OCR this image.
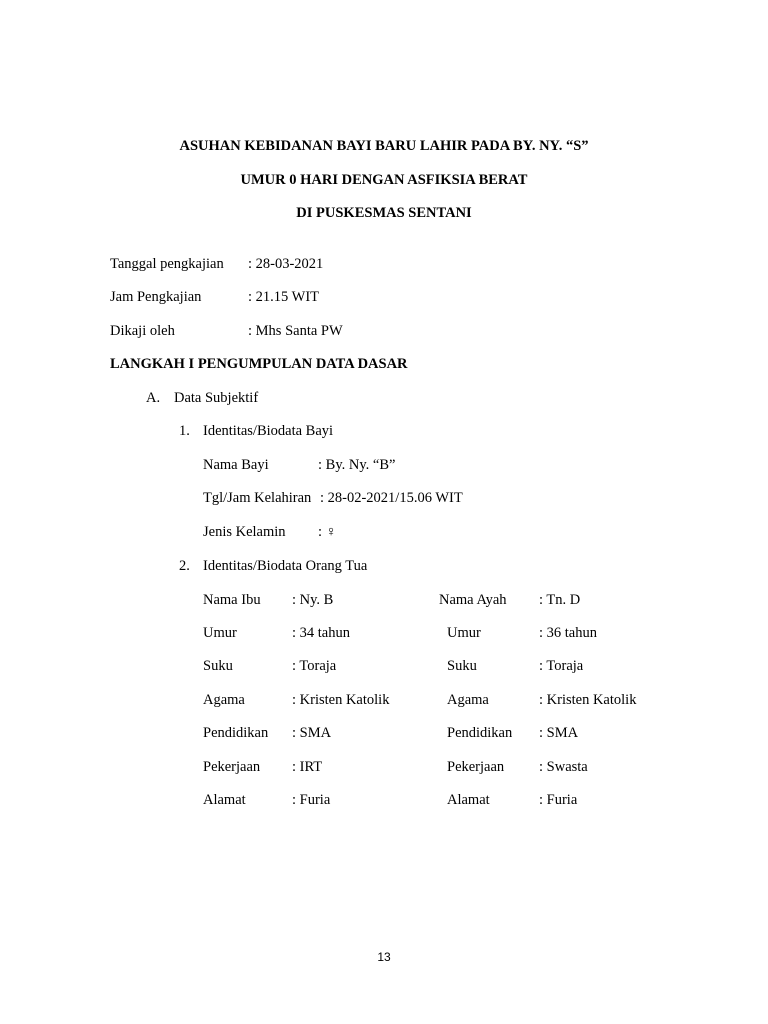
ASUHAN KEBIDANAN BAYI BARU LAHIR PADA BY. NY. “S”
UMUR 0 HARI DENGAN ASFIKSIA BERAT
DI PUSKESMAS SENTANI
Tanggal pengkajian : 28-03-2021
Jam Pengkajian	: 21.15 WIT
Dikaji oleh	: Mhs Santa PW
LANGKAH I PENGUMPULAN DATA DASAR
A. Data Subjektif
1. Identitas/Biodata Bayi
Nama Bayi	: By. Ny. “B”
Tgl/Jam Kelahiran : 28-02-2021/15.06 WIT
Jenis Kelamin : ♀
2. Identitas/Biodata Orang Tua
Nama Ibu : Ny. B	Nama Ayah : Tn. D
Umur	: 34 tahun	Umur	: 36 tahun
Suku	: Toraja	Suku	: Toraja
Agama	: Kristen Katolik	Agama	: Kristen Katolik
Pendidikan : SMA	Pendidikan : SMA
Pekerjaan : IRT	Pekerjaan : Swasta
Alamat	: Furia	Alamat	: Furia
13
